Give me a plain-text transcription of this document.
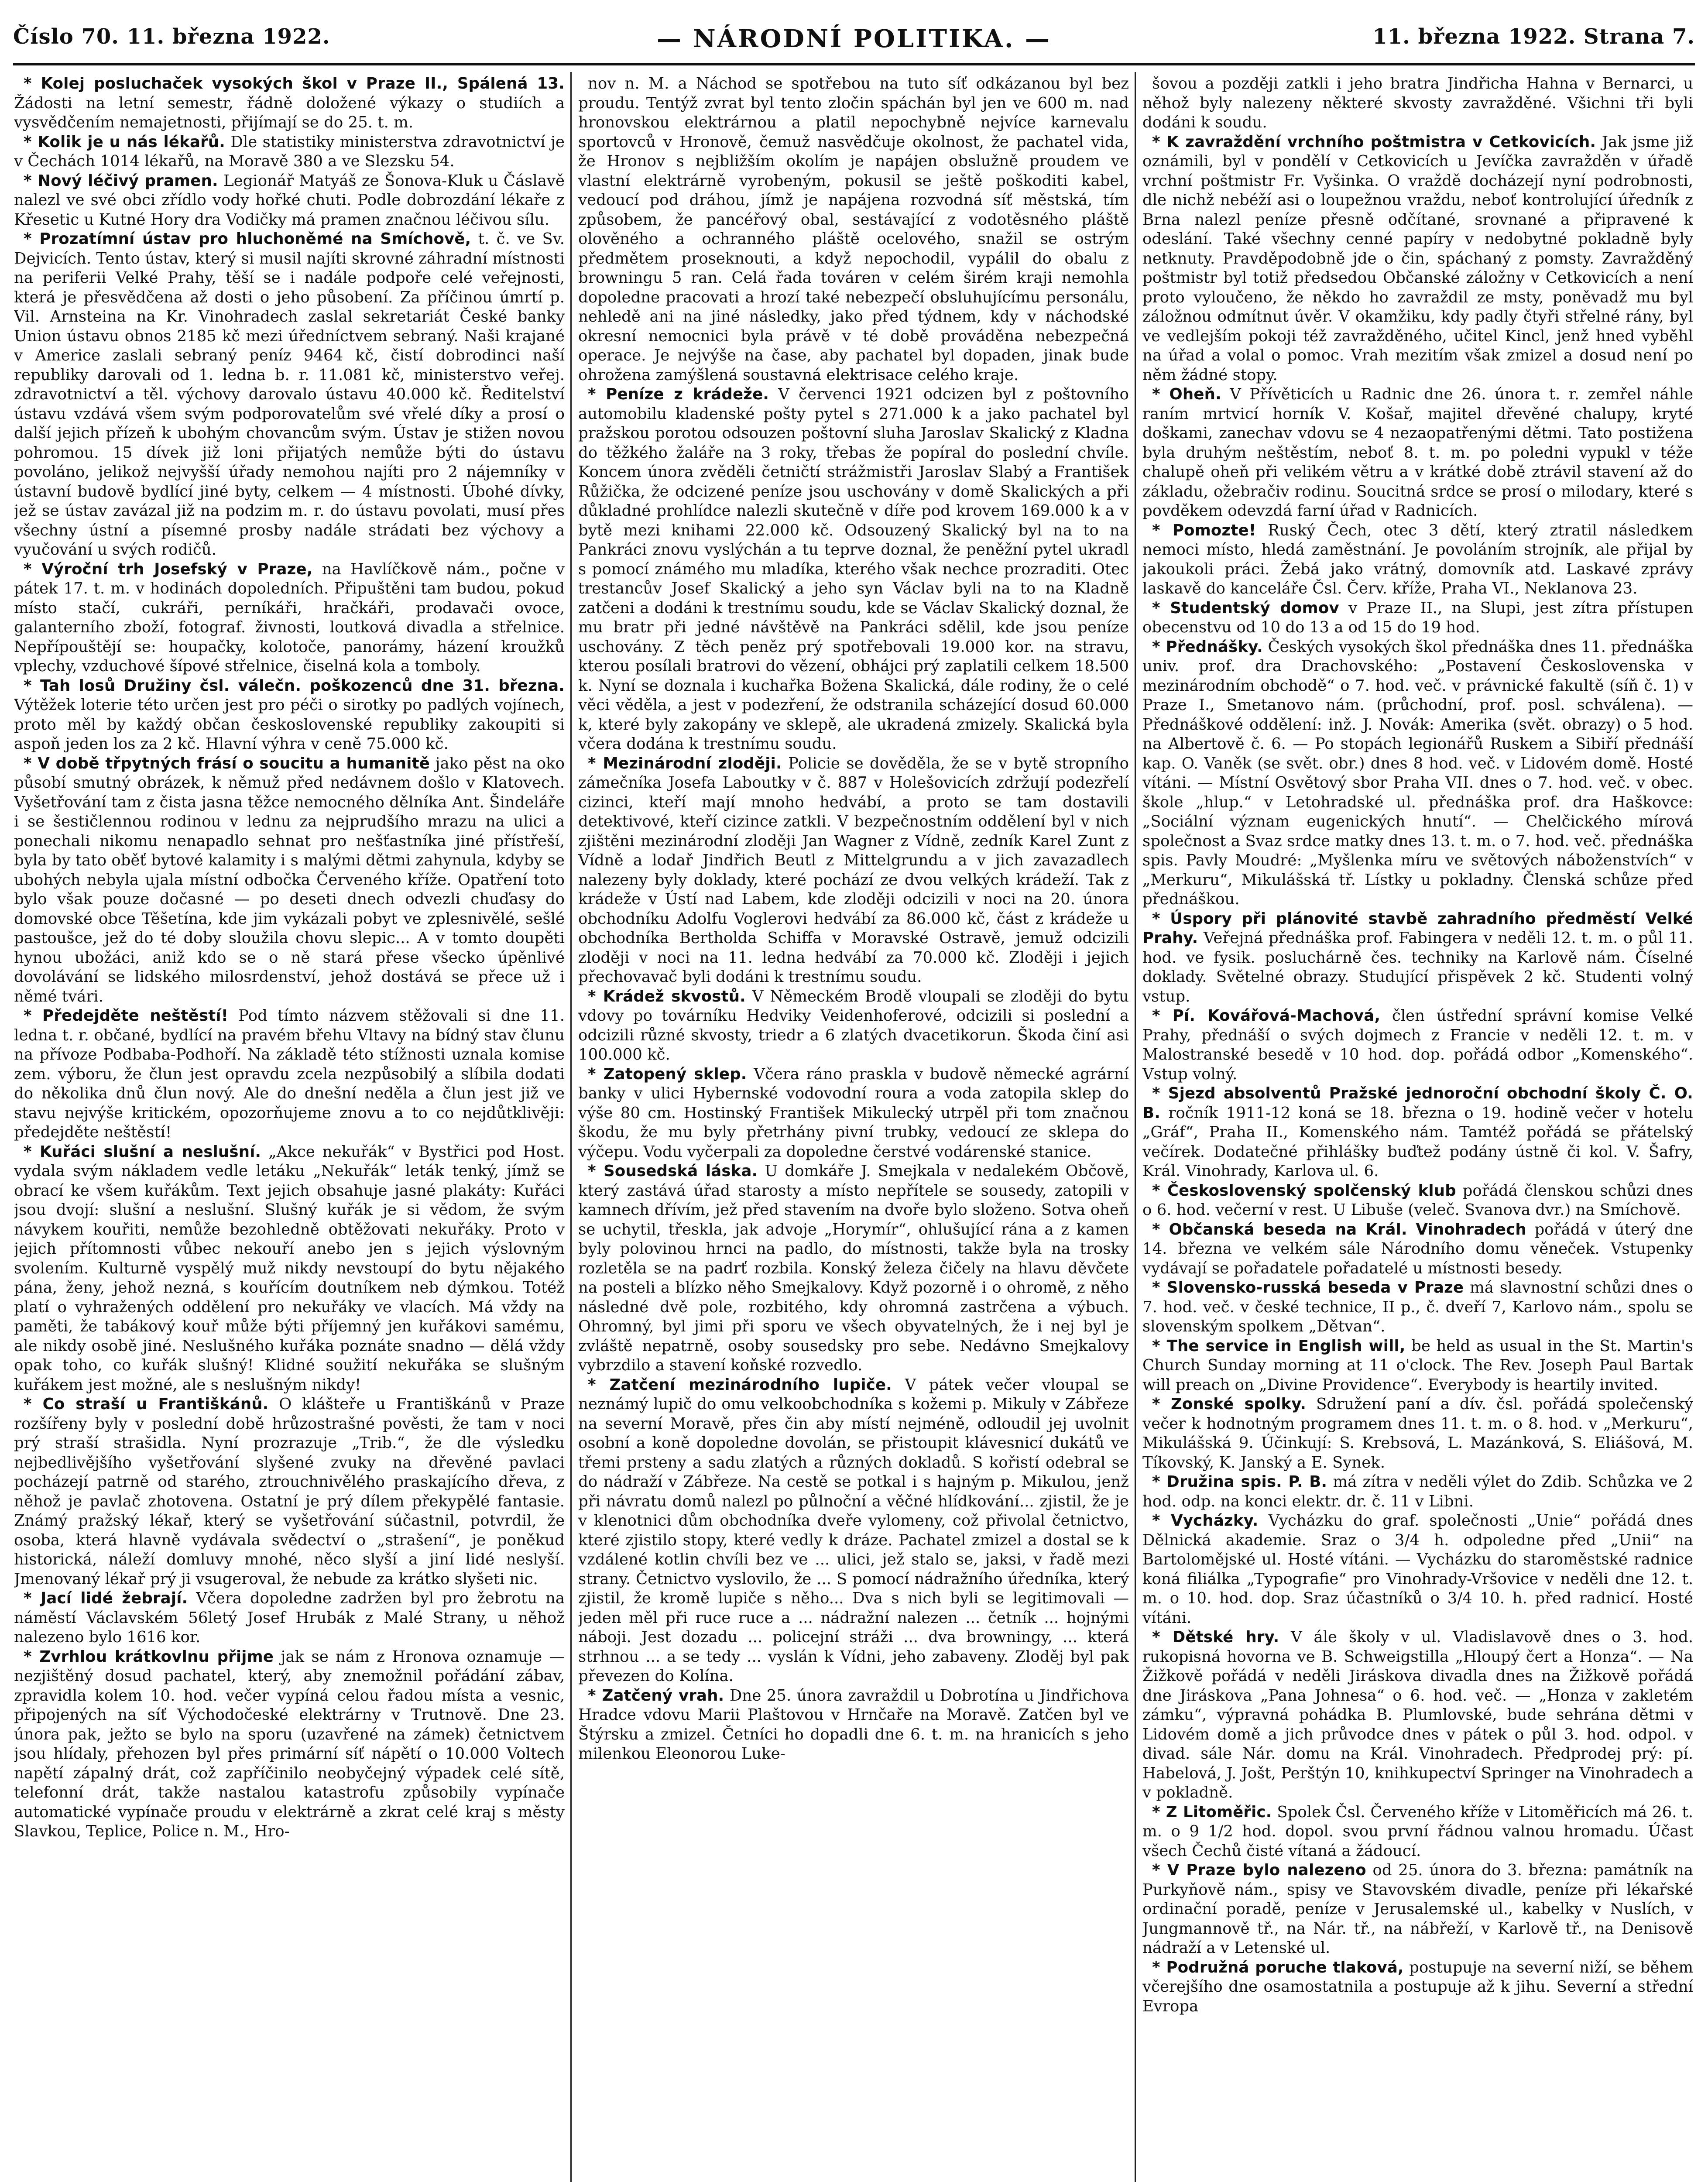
Číslo 70. 11. března 1922.	— NÁRODNÍ POLITIKA. —	11. března 1922. Strana 7.

* Kolej posluchaček vysokých škol v Praze II., Spálená 13. Žádosti na letní semestr, řádně doložené výkazy o studiích a vysvědčením nemajetnosti, přijímají se do 25. t. m.

* Kolik je u nás lékařů. Dle statistiky ministerstva zdravotnictví je v Čechách 1014 lékařů, na Moravě 380 a ve Slezsku 54.

* Nový léčivý pramen. Legionář Matyáš ze Šonova-Kluk u Čáslavě nalezl ve své obci zřídlo vody hořké chuti. Podle dobrozdání lékaře z Křesetic u Kutné Hory dra Vodičky má pramen značnou léčivou sílu.

* Prozatímní ústav pro hluchoněmé na Smíchově, t. č. ve Sv. Dejvicích. Tento ústav, který si musil najíti skrovné záhradní místnosti na periferii Velké Prahy, těší se i nadále podpoře celé veřejnosti, která je přesvědčena až dosti o jeho působení. Za příčinou úmrtí p. Vil. Arnsteina na Kr. Vinohradech zaslal sekretariát České banky Union ústavu obnos 2185 kč mezi úředníctvem sebraný. Naši krajané v Americe zaslali sebraný peníz 9464 kč, čistí dobrodinci naší republiky darovali od 1. ledna b. r. 11.081 kč, ministerstvo veřej. zdravotnictví a těl. výchovy darovalo ústavu 40.000 kč. Ředitelství ústavu vzdává všem svým podporovatelům své vřelé díky a prosí o další jejich přízeň k ubohým chovancům svým. Ústav je stižen novou pohromou. 15 dívek již loni přijatých nemůže býti do ústavu povoláno, jelikož nejvyšší úřady nemohou najíti pro 2 nájemníky v ústavní budově bydlící jiné byty, celkem — 4 místnosti. Úbohé dívky, jež se ústav zavázal již na podzim m. r. do ústavu povolati, musí přes všechny ústní a písemné prosby nadále strádati bez výchovy a vyučování u svých rodičů.

* Výroční trh Josefský v Praze, na Havlíčkově nám., počne v pátek 17. t. m. v hodinách dopoledních. Připuštěni tam budou, pokud místo stačí, cukráři, perníkáři, hračkáři, prodavači ovoce, galanterního zboží, fotograf. živnosti, loutková divadla a střelnice. Nepřípouštějí se: houpačky, kolotoče, panorámy, házení kroužků vplechy, vzduchové šípové střelnice, čiselná kola a tomboly.

* Tah losů Družiny čsl. válečn. poškozenců dne 31. března. Výtěžek loterie této určen jest pro péči o sirotky po padlých vojínech, proto měl by každý občan československé republiky zakoupiti si aspoň jeden los za 2 kč. Hlavní výhra v ceně 75.000 kč.

* V době třpytných frásí o soucitu a humanitě jako pěst na oko působí smutný obrázek, k němuž před nedávnem došlo v Klatovech. Vyšetřování tam z čista jasna těžce nemocného dělníka Ant. Šindeláře i se šestičlennou rodinou v lednu za nejprudšího mrazu na ulici a ponechali nikomu nenapadlo sehnat pro nešťastníka jiné přístřeší, byla by tato oběť bytové kalamity i s malými dětmi zahynula, kdyby se ubohých nebyla ujala místní odbočka Červeného kříže. Opatření toto bylo však pouze dočasné — po deseti dnech odvezli chuďasy do domovské obce Těšetína, kde jim vykázali pobyt ve zplesnivělé, sešlé pastoušce, jež do té doby sloužila chovu slepic... A v tomto doupěti hynou ubožáci, aniž kdo se o ně stará přese všecko úpěnlivé dovolávání se lidského milosrdenství, jehož dostává se přece už i němé tvári.

* Předejděte neštěstí! Pod tímto názvem stěžovali si dne 11. ledna t. r. občané, bydlící na pravém břehu Vltavy na bídný stav člunu na přívoze Podbaba-Podhoří. Na základě této stížnosti uznala komise zem. výboru, že člun jest opravdu zcela nezpůsobilý a slíbila dodati do několika dnů člun nový. Ale do dnešní neděla a člun jest již ve stavu nejvýše kritickém, opozorňujeme znovu a to co nejdůtklivěji: předejděte neštěstí!

* Kuřáci slušní a neslušní. „Akce nekuřák“ v Bystřici pod Host. vydala svým nákladem vedle letáku „Nekuřák“ leták tenký, jímž se obrací ke všem kuřákům. Text jejich obsahuje jasné plakáty: Kuřáci jsou dvojí: slušní a neslušní. Slušný kuřák je si vědom, že svým návykem kouřiti, nemůže bezohledně obtěžovati nekuřáky. Proto v jejich přítomnosti vůbec nekouří anebo jen s jejich výslovným svolením. Kulturně vyspělý muž nikdy nevstoupí do bytu nějakého pána, ženy, jehož nezná, s kouřícím doutníkem neb dýmkou. Totéž platí o vyhražených oddělení pro nekuřáky ve vlacích. Má vždy na paměti, že tabákový kouř může býti příjemný jen kuřákovi samému, ale nikdy osobě jiné. Neslušného kuřáka poznáte snadno — dělá vždy opak toho, co kuřák slušný! Klidné soužití nekuřáka se slušným kuřákem jest možné, ale s neslušným nikdy!

* Co straší u Františkánů. O klášteře u Františkánů v Praze rozšířeny byly v poslední době hrůzostrašné pověsti, že tam v noci prý straší strašidla. Nyní prozrazuje „Trib.“, že dle výsledku nejbedlivějšího vyšetřování slyšené zvuky na dřevěné pavlaci pocházejí patrně od starého, ztrouchnivělého praskajícího dřeva, z něhož je pavlač zhotovena. Ostatní je prý dílem překypělé fantasie. Známý pražský lékař, který se vyšetřování súčastnil, potvrdil, že osoba, která hlavně vydávala svědectví o „strašení“, je poněkud historická, náleží domluvy mnohé, něco slyší a jiní lidé neslyší. Jmenovaný lékař prý ji vsugeroval, že nebude za krátko slyšeti nic.

* Jací lidé žebrají. Včera dopoledne zadržen byl pro žebrotu na náměstí Václavském 56letý Josef Hrubák z Malé Strany, u něhož nalezeno bylo 1616 kor.

* Zvrhlou krátkovlnu přijme jak se nám z Hronova oznamuje — nezjištěný dosud pachatel, který, aby znemožnil pořádání zábav, zpravidla kolem 10. hod. večer vypíná celou řadou místa a vesnic, připojených na síť Východočeské elektrárny v Trutnově. Dne 23. února pak, ježto se bylo na sporu (uzavřené na zámek) četnictvem jsou hlídaly, přehozen byl přes primární síť nápětí o 10.000 Voltech napětí zápalný drát, což zapříčinilo neobyčejný výpadek celé sítě, telefonní drát, takže nastalou katastrofu způsobily vypínače automatické vypínače proudu v elektrárně a zkrat celé kraj s městy Slavkou, Teplice, Police n. M., Hro-

nov n. M. a Náchod se spotřebou na tuto síť odkázanou byl bez proudu. Tentýž zvrat byl tento zločin spáchán byl jen ve 600 m. nad hronovskou elektrárnou a platil nepochybně nejvíce karnevalu sportovců v Hronově, čemuž nasvědčuje okolnost, že pachatel vida, že Hronov s nejbližším okolím je napájen obslužně proudem ve vlastní elektrárně vyrobeným, pokusil se ještě poškoditi kabel, vedoucí pod dráhou, jímž je napájena rozvodná síť městská, tím způsobem, že pancéřový obal, sestávající z vodotěsného pláště olověného a ochranného pláště ocelového, snažil se ostrým předmětem proseknouti, a když nepochodil, vypálil do obalu z browningu 5 ran. Celá řada továren v celém širém kraji nemohla dopoledne pracovati a hrozí také nebezpečí obsluhujícímu personálu, nehledě ani na jiné následky, jako před týdnem, kdy v náchodské okresní nemocnici byla právě v té době prováděna nebezpečná operace. Je nejvýše na čase, aby pachatel byl dopaden, jinak bude ohrožena zamýšlená soustavná elektrisace celého kraje.

* Peníze z krádeže. V červenci 1921 odcizen byl z poštovního automobilu kladenské pošty pytel s 271.000 k a jako pachatel byl pražskou porotou odsouzen poštovní sluha Jaroslav Skalický z Kladna do těžkého žaláře na 3 roky, třebas že popíral do poslední chvíle. Koncem února zvěděli četničtí strážmistři Jaroslav Slabý a František Růžička, že odcizené peníze jsou uschovány v domě Skalických a při důkladné prohlídce nalezli skutečně v díře pod krovem 169.000 k a v bytě mezi knihami 22.000 kč. Odsouzený Skalický byl na to na Pankráci znovu vyslýchán a tu teprve doznal, že peněžní pytel ukradl s pomocí známého mu mladíka, kterého však nechce prozraditi. Otec trestancův Josef Skalický a jeho syn Václav byli na to na Kladně zatčeni a dodáni k trestnímu soudu, kde se Václav Skalický doznal, že mu bratr při jedné návštěvě na Pankráci sdělil, kde jsou peníze uschovány. Z těch peněz prý spotřebovali 19.000 kor. na stravu, kterou posílali bratrovi do vězení, obhájci prý zaplatili celkem 18.500 k. Nyní se doznala i kuchařka Božena Skalická, dále rodiny, že o celé věci věděla, a jest v podezření, že odstranila scházející dosud 60.000 k, které byly zakopány ve sklepě, ale ukradená zmizely. Skalická byla včera dodána k trestnímu soudu.

* Mezinárodní zloději. Policie se dověděla, že se v bytě stropního zámečníka Josefa Laboutky v č. 887 v Holešovicích zdržují podezřelí cizinci, kteří mají mnoho hedvábí, a proto se tam dostavili detektivové, kteří cizince zatkli. V bezpečnostním oddělení byl v nich zjištěni mezinárodní zloději Jan Wagner z Vídně, zedník Karel Zunt z Vídně a lodař Jindřich Beutl z Mittelgrundu a v jich zavazadlech nalezeny byly doklady, které pochází ze dvou velkých krádeží. Tak z krádeže v Ústí nad Labem, kde zloději odcizili v noci na 20. února obchodníku Adolfu Voglerovi hedvábí za 86.000 kč, část z krádeže u obchodníka Bertholda Schiffa v Moravské Ostravě, jemuž odcizili zloději v noci na 11. ledna hedvábí za 70.000 kč. Zloději i jejich přechovavač byli dodáni k trestnímu soudu.

* Krádež skvostů. V Německém Brodě vloupali se zloději do bytu vdovy po továrníku Hedviky Veidenhoferové, odcizili si poslední a odcizili různé skvosty, triedr a 6 zlatých dvacetikorun. Škoda činí asi 100.000 kč.

* Zatopený sklep. Včera ráno praskla v budově německé agrární banky v ulici Hybernské vodovodní roura a voda zatopila sklep do výše 80 cm. Hostinský František Mikulecký utrpěl při tom značnou škodu, že mu byly přetrhány pivní trubky, vedoucí ze sklepa do výčepu. Vodu vyčerpali za dopoledne čerstvé vodárenské stanice.

* Sousedská láska. U domkáře J. Smejkala v nedalekém Občově, který zastává úřad starosty a místo nepřítele se sousedy, zatopili v kamnech dřívím, jež před stavením na dvoře bylo složeno. Sotva oheň se uchytil, třeskla, jak advoje „Horymír“, ohlušující rána a z kamen byly polovinou hrnci na padlo, do místnosti, takže byla na trosky rozletěla se na padrť rozbila. Konský železa čičely na hlavu děvčete na posteli a blízko něho Smejkalovy. Když pozorně i o ohromě, z něho následné dvě pole, rozbitého, kdy ohromná zastrčena a výbuch. Ohromný, byl jimi při sporu ve všech obyvatelných, že i nej byl je zvláště nepatrně, osoby sousedsky pro sebe. Nedávno Smejkalovy vybrzdilo a stavení koňské rozvedlo.

* Zatčení mezinárodního lupiče. V pátek večer vloupal se neznámý lupič do omu velkoobchodníka s kožemi p. Mikuly v Zábřeze na severní Moravě, přes čin aby místí nejméně, odloudil jej uvolnit osobní a koně dopoledne dovolán, se přistoupit klávesnicí dukátů ve třemi prsteny a sadu zlatých a různých dokladů. S kořistí odebral se do nádraží v Zábřeze. Na cestě se potkal i s hajným p. Mikulou, jenž při návratu domů nalezl po půlnoční a věčné hlídkování... zjistil, že je v klenotnici dům obchodníka dveře vylomeny, což přivolal četnictvo, které zjistilo stopy, které vedly k dráze. Pachatel zmizel a dostal se k vzdálené kotlin chvíli bez ve ... ulici, jež stalo se, jaksi, v řadě mezi strany. Četnictvo vyslovilo, že ... S pomocí nádražního úředníka, který zjistil, že kromě lupiče s něho... Dva s nich byli se legitimovali — jeden měl při ruce ruce a ... nádražní nalezen ... četník ... hojnými náboji. Jest dozadu ... policejní stráži ... dva browningy, ... která strhnou ... a se tedy ... vyslán k Vídni, jeho zabaveny. Zloděj byl pak převezen do Kolína.

* Zatčený vrah. Dne 25. února zavraždil u Dobrotína u Jindřichova Hradce vdovu Marii Plaštovou v Hrnčaře na Moravě. Zatčen byl ve Štýrsku a zmizel. Četníci ho dopadli dne 6. t. m. na hranicích s jeho milenkou Eleonorou Luke-

šovou a později zatkli i jeho bratra Jindřicha Hahna v Bernarci, u něhož byly nalezeny některé skvosty zavražděné. Všichni tři byli dodáni k soudu.

* K zavraždění vrchního poštmistra v Cetkovicích. Jak jsme již oznámili, byl v pondělí v Cetkovicích u Jevíčka zavražděn v úřadě vrchní poštmistr Fr. Vyšinka. O vraždě docházejí nyní podrobnosti, dle nichž nebéží asi o loupežnou vraždu, neboť kontrolující úředník z Brna nalezl peníze přesně odčítané, srovnané a připravené k odeslání. Také všechny cenné papíry v nedobytné pokladně byly netknuty. Pravděpodobně jde o čin, spáchaný z pomsty. Zavražděný poštmistr byl totiž předsedou Občanské záložny v Cetkovicích a není proto vyloučeno, že někdo ho zavraždil ze msty, poněvadž mu byl záložnou odmítnut úvěr. V okamžiku, kdy padly čtyři střelné rány, byl ve vedlejším pokoji též zavražděného, učitel Kincl, jenž hned vyběhl na úřad a volal o pomoc. Vrah mezitím však zmizel a dosud není po něm žádné stopy.

* Oheň. V Přívěticích u Radnic dne 26. února t. r. zemřel náhle raním mrtvicí horník V. Košař, majitel dřevěné chalupy, kryté doškami, zanechav vdovu se 4 nezaopatřenými dětmi. Tato postižena byla druhým neštěstím, neboť 8. t. m. po poledni vypukl v téže chalupě oheň při velikém větru a v krátké době ztrávil stavení až do základu, ožebračiv rodinu. Soucitná srdce se prosí o milodary, které s povděkem odevzdá farní úřad v Radnicích.

* Pomozte! Ruský Čech, otec 3 dětí, který ztratil následkem nemoci místo, hledá zaměstnání. Je povoláním strojník, ale přijal by jakoukoli práci. Žebá jako vrátný, domovník atd. Laskavé zprávy laskavě do kanceláře Čsl. Červ. kříže, Praha VI., Neklanova 23.

* Studentský domov v Praze II., na Slupi, jest zítra přístupen obecenstvu od 10 do 13 a od 15 do 19 hod.

* Přednášky. Českých vysokých škol přednáška dnes 11. přednáška univ. prof. dra Drachovského: „Postavení Československa v mezinárodním obchodě“ o 7. hod. več. v právnické fakultě (síň č. 1) v Praze I., Smetanovo nám. (průchodní, prof. posl. schválena). — Přednáškové oddělení: inž. J. Novák: Amerika (svět. obrazy) o 5 hod. na Albertově č. 6. — Po stopách legionářů Ruskem a Sibiří přednáší kap. O. Vaněk (se svět. obr.) dnes 8 hod. več. v Lidovém domě. Hosté vítáni. — Místní Osvětový sbor Praha VII. dnes o 7. hod. več. v obec. škole „hlup.“ v Letohradské ul. přednáška prof. dra Haškovce: „Sociální význam eugenických hnutí“. — Chelčického mírová společnost a Svaz srdce matky dnes 13. t. m. o 7. hod. več. přednáška spis. Pavly Moudré: „Myšlenka míru ve světových náboženstvích“ v „Merkuru“, Mikulášská tř. Lístky u pokladny. Členská schůze před přednáškou.

* Úspory při plánovité stavbě zahradního předměstí Velké Prahy. Veřejná přednáška prof. Fabingera v neděli 12. t. m. o půl 11. hod. ve fysik. posluchárně čes. techniky na Karlově nám. Číselné doklady. Světelné obrazy. Studující přispěvek 2 kč. Studenti volný vstup.

* Pí. Kovářová-Machová, člen ústřední správní komise Velké Prahy, přednáší o svých dojmech z Francie v neděli 12. t. m. v Malostranské besedě v 10 hod. dop. pořádá odbor „Komenského“. Vstup volný.

* Sjezd absolventů Pražské jednoroční obchodní školy Č. O. B. ročník 1911-12 koná se 18. března o 19. hodině večer v hotelu „Gráf“, Praha II., Komenského nám. Tamtéž pořádá se přátelský večírek. Dodatečné přihlášky buďtež podány ústně či kol. V. Šafry, Král. Vinohrady, Karlova ul. 6.

* Československý spolčenský klub pořádá členskou schůzi dnes o 6. hod. večerní v rest. U Libuše (veleč. Svanova dvr.) na Smíchově.

* Občanská beseda na Král. Vinohradech pořádá v úterý dne 14. března ve velkém sále Národního domu věneček. Vstupenky vydávají se pořadatele pořadatelé u místnosti besedy.

* Slovensko-russká beseda v Praze má slavnostní schůzi dnes o 7. hod. več. v české technice, II p., č. dveří 7, Karlovo nám., spolu se slovenským spolkem „Dětvan“.

* The service in English will, be held as usual in the St. Martin's Church Sunday morning at 11 o'clock. The Rev. Joseph Paul Bartak will preach on „Divine Providence“. Everybody is heartily invited.

* Zonské spolky. Sdružení paní a dív. čsl. pořádá společenský večer k hodnotným programem dnes 11. t. m. o 8. hod. v „Merkuru“, Mikulášská 9. Účinkují: S. Krebsová, L. Mazánková, S. Eliášová, M. Tíkovský, K. Janský a E. Synek.

* Družina spis. P. B. má zítra v neděli výlet do Zdib. Schůzka ve 2 hod. odp. na konci elektr. dr. č. 11 v Libni.

* Vycházky. Vycházku do graf. společnosti „Unie“ pořádá dnes Dělnická akademie. Sraz o 3/4 h. odpoledne před „Unii“ na Bartolomějské ul. Hosté vítáni. — Vycházku do staroměstské radnice koná filiálka „Typografie“ pro Vinohrady-Vršovice v neděli dne 12. t. m. o 10. hod. dop. Sraz účastníků o 3/4 10. h. před radnicí. Hosté vítáni.

* Dětské hry. V ále školy v ul. Vladislavově dnes o 3. hod. rukopisná hovorna ve B. Schweigstilla „Hloupý čert a Honza“. — Na Žižkově pořádá v neděli Jiráskova divadla dnes na Žižkově pořádá dne Jiráskova „Pana Johnesa“ o 6. hod. več. — „Honza v zakletém zámku“, výpravná pohádka B. Plumlovské, bude sehrána dětmi v Lidovém domě a jich průvodce dnes v pátek o půl 3. hod. odpol. v divad. sále Nár. domu na Král. Vinohradech. Předprodej prý: pí. Habelová, J. Jošt, Perštýn 10, knihkupectví Springer na Vinohradech a v pokladně.

* Z Litoměřic. Spolek Čsl. Červeného kříže v Litoměřicích má 26. t. m. o 9 1/2 hod. dopol. svou první řádnou valnou hromadu. Účast všech Čechů čisté vítaná a žádoucí.

* V Praze bylo nalezeno od 25. února do 3. března: památník na Purkyňově nám., spisy ve Stavovském divadle, peníze při lékařské ordinační poradě, peníze v Jerusalemské ul., kabelky v Nuslích, v Jungmannově tř., na Nár. tř., na nábřeží, v Karlově tř., na Denisově nádraží a v Letenské ul.

* Podružná poruche tlaková, postupuje na severní niží, se během včerejšího dne osamostatnila a postupuje až k jihu. Severní a střední Evropa
